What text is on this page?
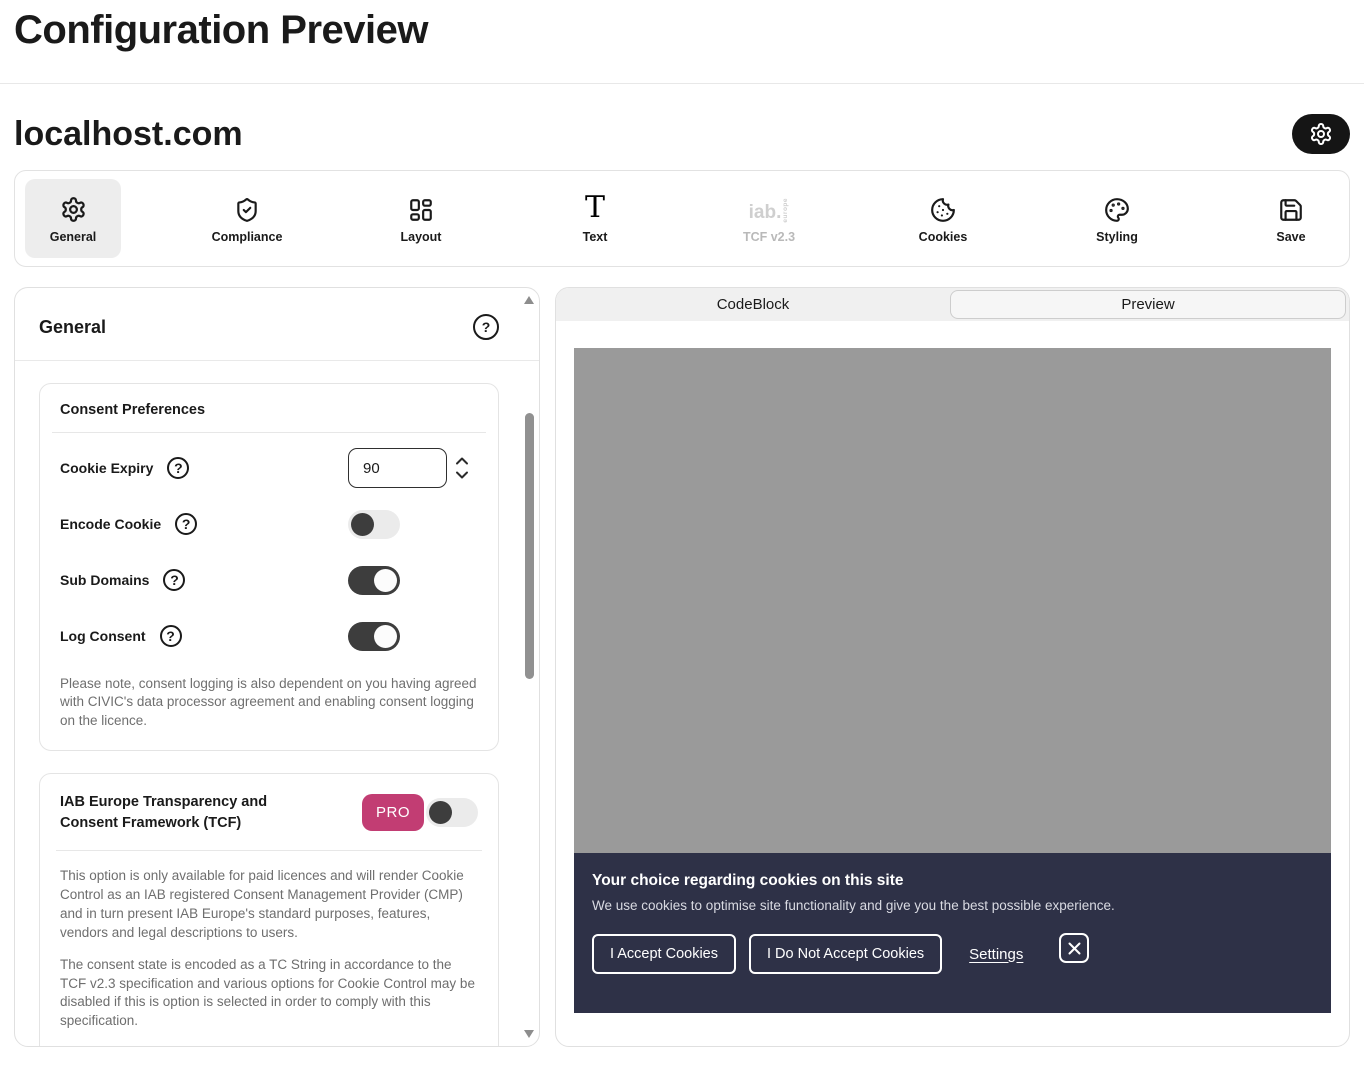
Configuration Preview
localhost.com
General	Compliance	Layout
T
Text
iab. europe
TCF v2.3	Cookies	Styling	Save
General	?
Consent Preferences
Cookie Expiry	?
90
Encode Cookie	?
Sub Domains	?
Log Consent	?

Please note, consent logging is also dependent on you having agreed with CIVIC's data processor agreement and enabling consent logging on the licence.

IAB Europe Transparency and Consent Framework (TCF)
PRO

This option is only available for paid licences and will render Cookie Control as an IAB registered Consent Management Provider (CMP) and in turn present IAB Europe's standard purposes, features, vendors and legal descriptions to users.

The consent state is encoded as a TC String in accordance to the TCF v2.3 specification and various options for Cookie Control may be disabled if this is option is selected in order to comply with this specification.

CodeBlock	Preview
Your choice regarding cookies on this site
We use cookies to optimise site functionality and give you the best possible experience.
I Accept Cookies	I Do Not Accept Cookies	Settings
